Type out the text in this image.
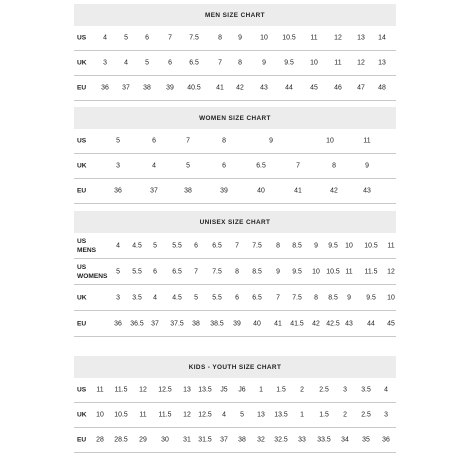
MEN SIZE CHART
US 4 5 6	7	7.5	8 9	10 10.5 11 12 13 14
UK 3 4 5	6	6.5	7 8	9	9.5 10 11 12 13
EU 36 37 38 39 40.5 41 42 43	44	45 46 47 48
WOMEN SIZE CHART
US	5	6	7	8	9	10	11
UK	3	4	5	6	6.5	7	8	9
EU	36	37	38	39	40	41	42	43
UNISEX SIZE CHART
US MENS
4 4.5 5 5.5 6 6.5 7 7.5 8 8.5 9 9.5 10 10.5 11
US WOMENS
5 5.5 6 6.5 7 7.5 8 8.5 9 9.5 10 10.5 11 11.5 12
UK	3 3.5 4 4.5 5 5.5 6 6.5 7 7.5 8 8.5 9 9.5 10
EU	36 36.5 37 37.5 38 38.5 39 40 41 41.5 42 42.5 43 44 45
KIDS - YOUTH SIZE CHART
US 11 11.5 12 12.5 13 13.5 J5 J6 1 1.5 2 2.5 3 3.5 4
UK 10 10.5 11 11.5 12 12.5 4 5 13 13.5 1 1.5 2 2.5 3
EU 28 28.5 29 30 31 31.5 37 38 32 32.5 33 33.5 34 35 36
